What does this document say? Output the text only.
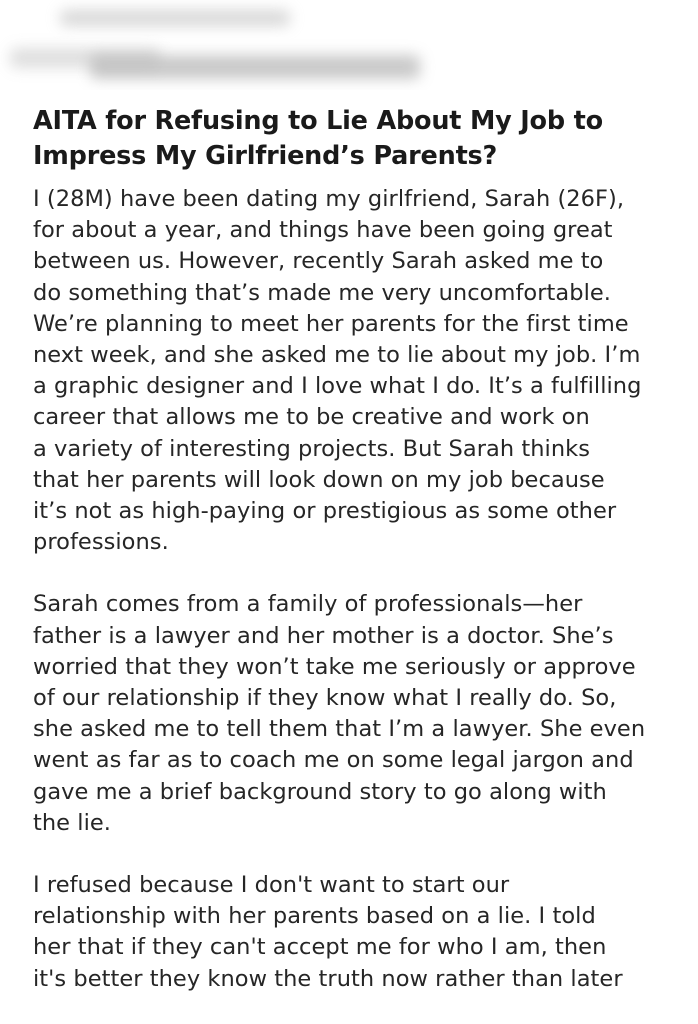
AITA for Refusing to Lie About My Job to
Impress My Girlfriend’s Parents?

I (28M) have been dating my girlfriend, Sarah (26F),
for about a year, and things have been going great
between us. However, recently Sarah asked me to
do something that’s made me very uncomfortable.
We’re planning to meet her parents for the first time
next week, and she asked me to lie about my job. I’m
a graphic designer and I love what I do. It’s a fulfilling
career that allows me to be creative and work on
a variety of interesting projects. But Sarah thinks
that her parents will look down on my job because
it’s not as high-paying or prestigious as some other
professions.

Sarah comes from a family of professionals—her
father is a lawyer and her mother is a doctor. She’s
worried that they won’t take me seriously or approve
of our relationship if they know what I really do. So,
she asked me to tell them that I’m a lawyer. She even
went as far as to coach me on some legal jargon and
gave me a brief background story to go along with
the lie.

I refused because I don't want to start our
relationship with her parents based on a lie. I told
her that if they can't accept me for who I am, then
it's better they know the truth now rather than later
